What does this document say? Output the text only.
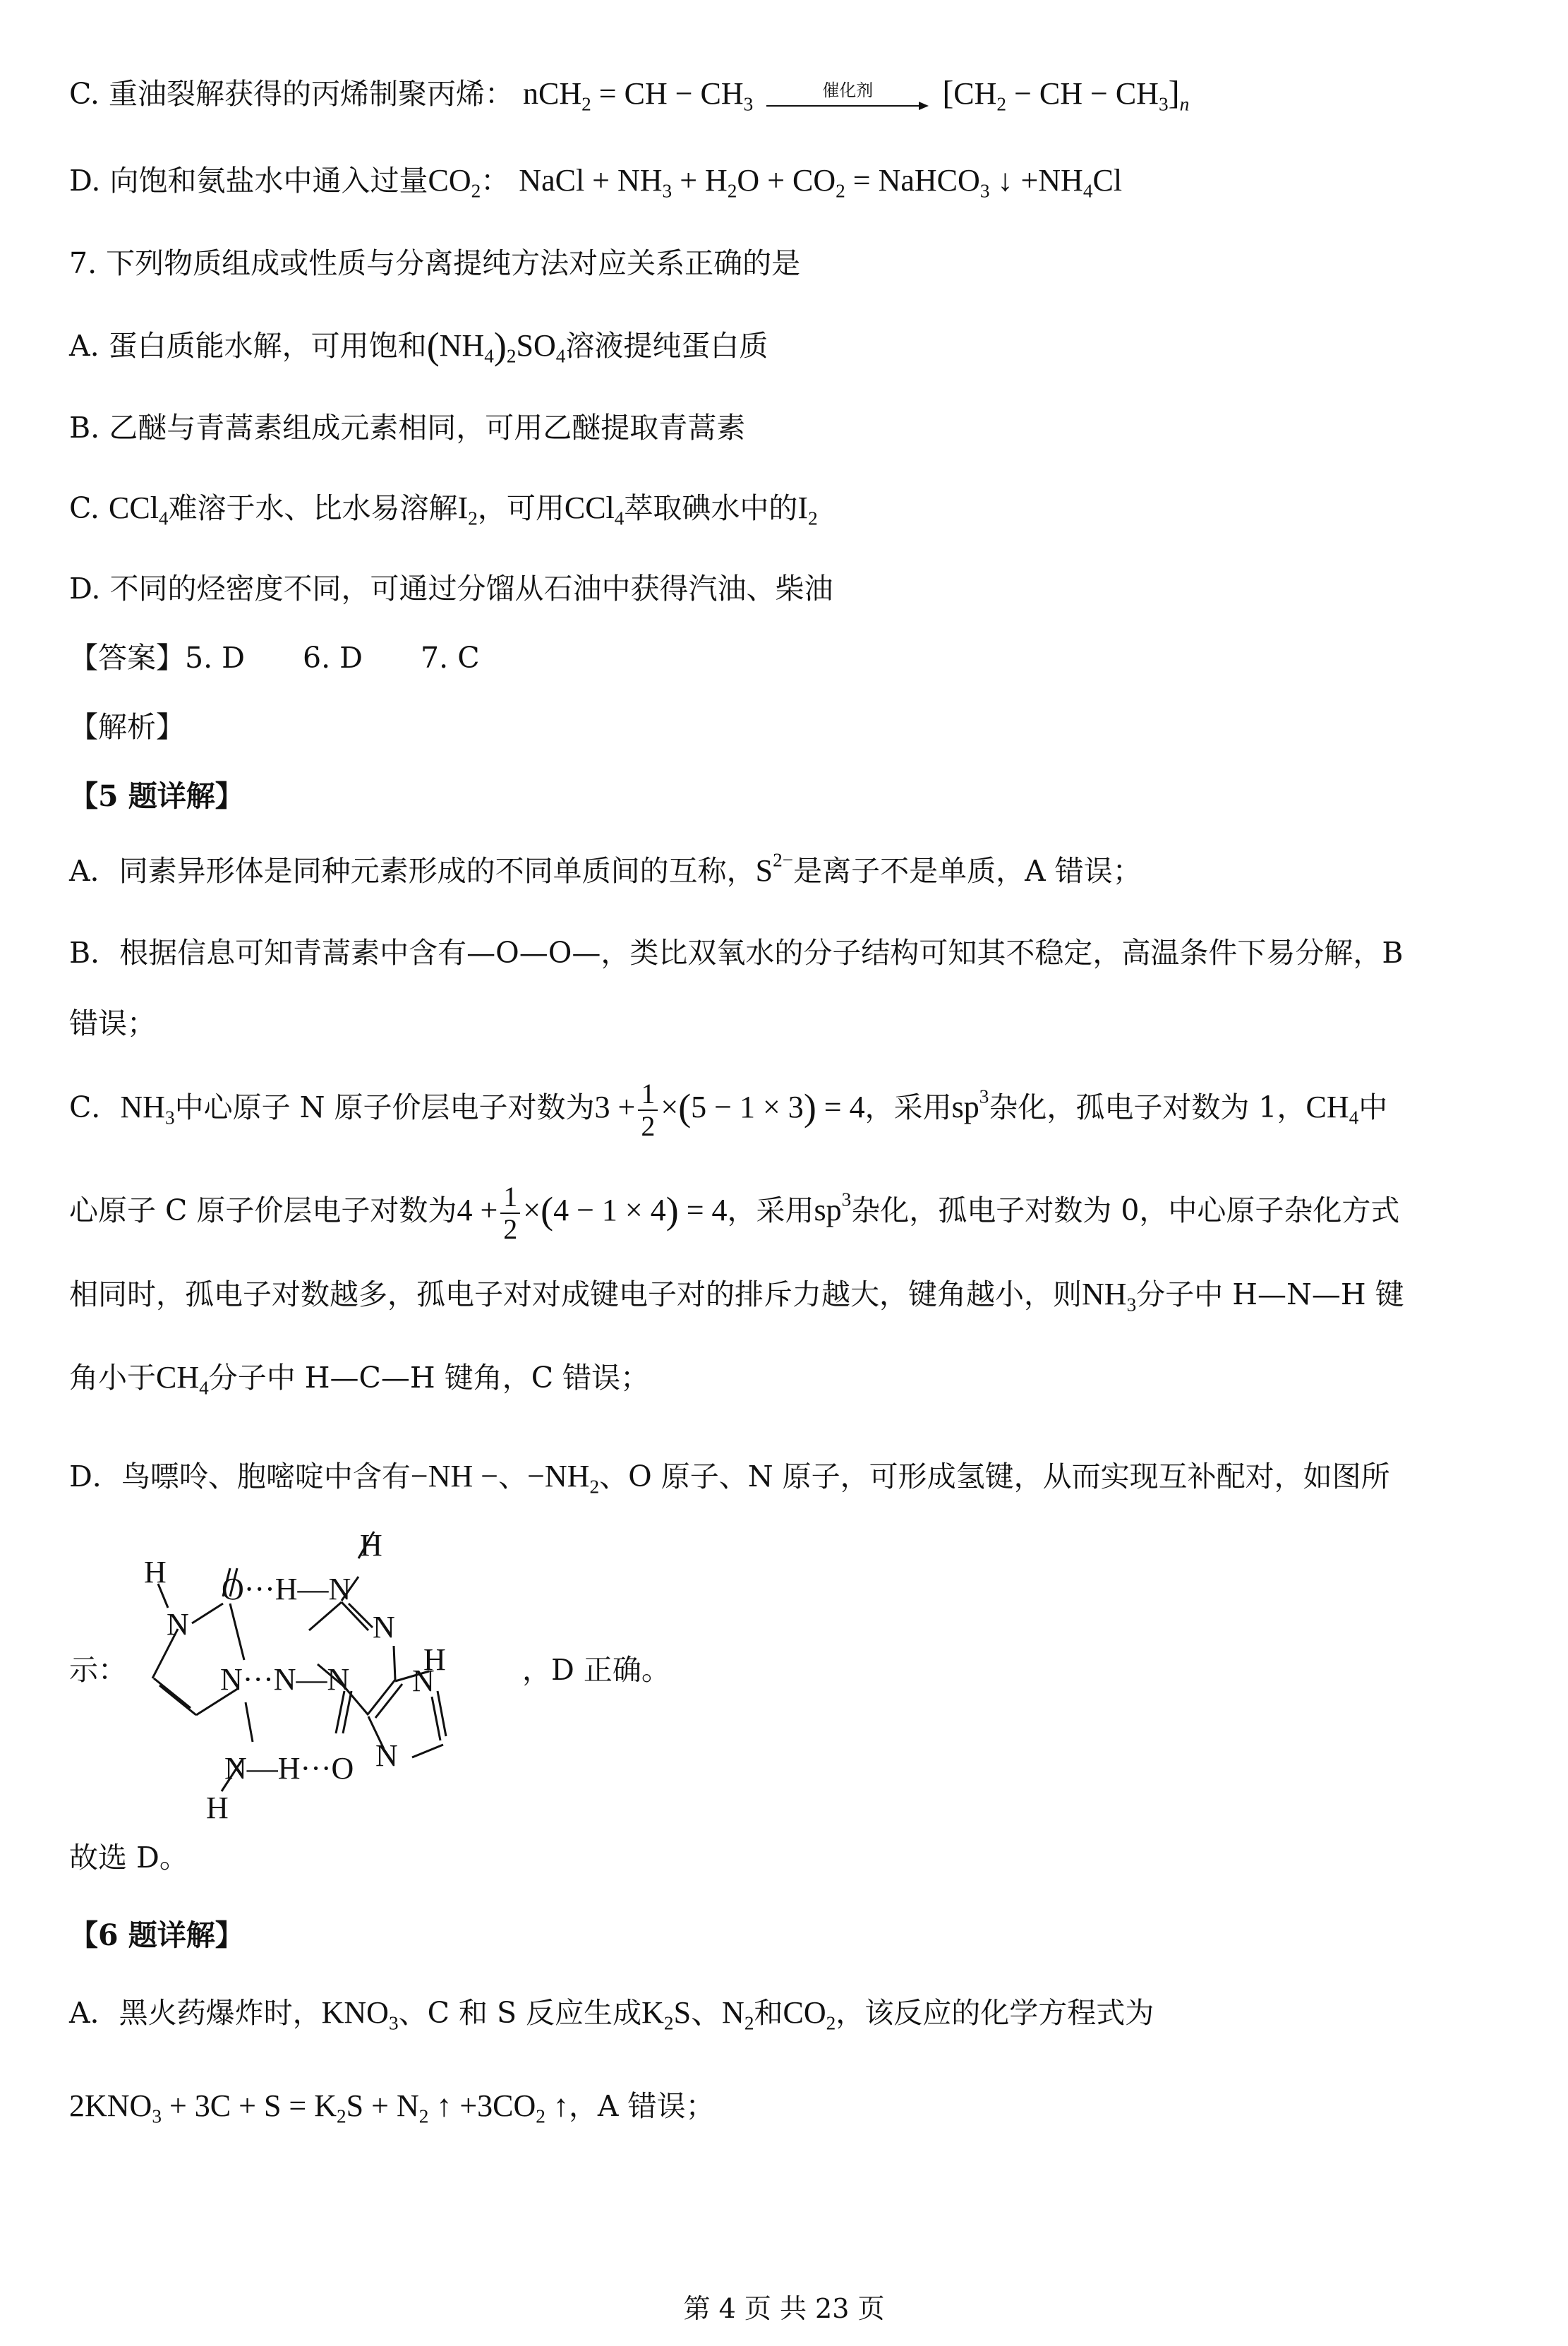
C. 重油裂解获得的丙烯制聚丙烯： nCH$_2$ = CH − $CH_3$
催化剂	[$CH_2$ − CH − $CH_3]_n$
D. 向饱和氨盐水中通入过量$CO_2$： NaCl + $NH_3 + H_2O + CO_2$ = NaHCO$_3$ ↓ $+NH_4Cl$
7. 下列物质组成或性质与分离提纯方法对应关系正确的是
A. 蛋白质能水解，可用饱和$(NH_4)_2SO_4$溶液提纯蛋白质
B. 乙醚与青蒿素组成元素相同，可用乙醚提取青蒿素
C. CCl$_4$难溶于水、比水易溶解$I_2$，可用CCl$_4$萃取碘水中的$I_2$
D. 不同的烃密度不同，可通过分馏从石油中获得汽油、柴油
【答案】5. D　　6. D　　7. C
【解析】
【5 题详解】
A．同素异形体是同种元素形成的不同单质间的互称，$S^{2-}$是离子不是单质，A 错误；
B．根据信息可知青蒿素中含有—O—O—，类比双氧水的分子结构可知其不稳定，高温条件下易分解，B
错误；
C．$NH_3$中心原子 N 原子价层电子对数为$3 + \frac{1}{2} \times(5 - 1 \times 3) = 4$，采用$sp^3$杂化，孤电子对数为 1，$CH_4$中
心原子 C 原子价层电子对数为$4 + \frac{1}{2} \times(4 - 1 \times 4) = 4$，采用$sp^3$杂化，孤电子对数为 0，中心原子杂化方式
相同时，孤电子对数越多，孤电子对对成键电子对的排斥力越大，键角越小，则$NH_3$分子中 H—N—H 键
角小于$CH_4$分子中 H—C—H 键角，C 错误；
D．鸟嘌呤、胞嘧啶中含有−NH −、$-NH_2$、O 原子、N 原子，可形成氢键，从而实现互补配对，如图所
示：
H
N
O···H—N
H
N
N···N—N
H
N
N—H···O N
H
，D 正确。
故选 D。
【6 题详解】
A．黑火药爆炸时，$KNO_3$、C 和 S 反应生成$K_2S$、$N_2$和$CO_2$，该反应的化学方程式为
$2KNO_3 + 3C + S = K_2S + N_2$ ↑ $+3CO_2$ ↑，A 错误；
第 4 页 共 23 页
